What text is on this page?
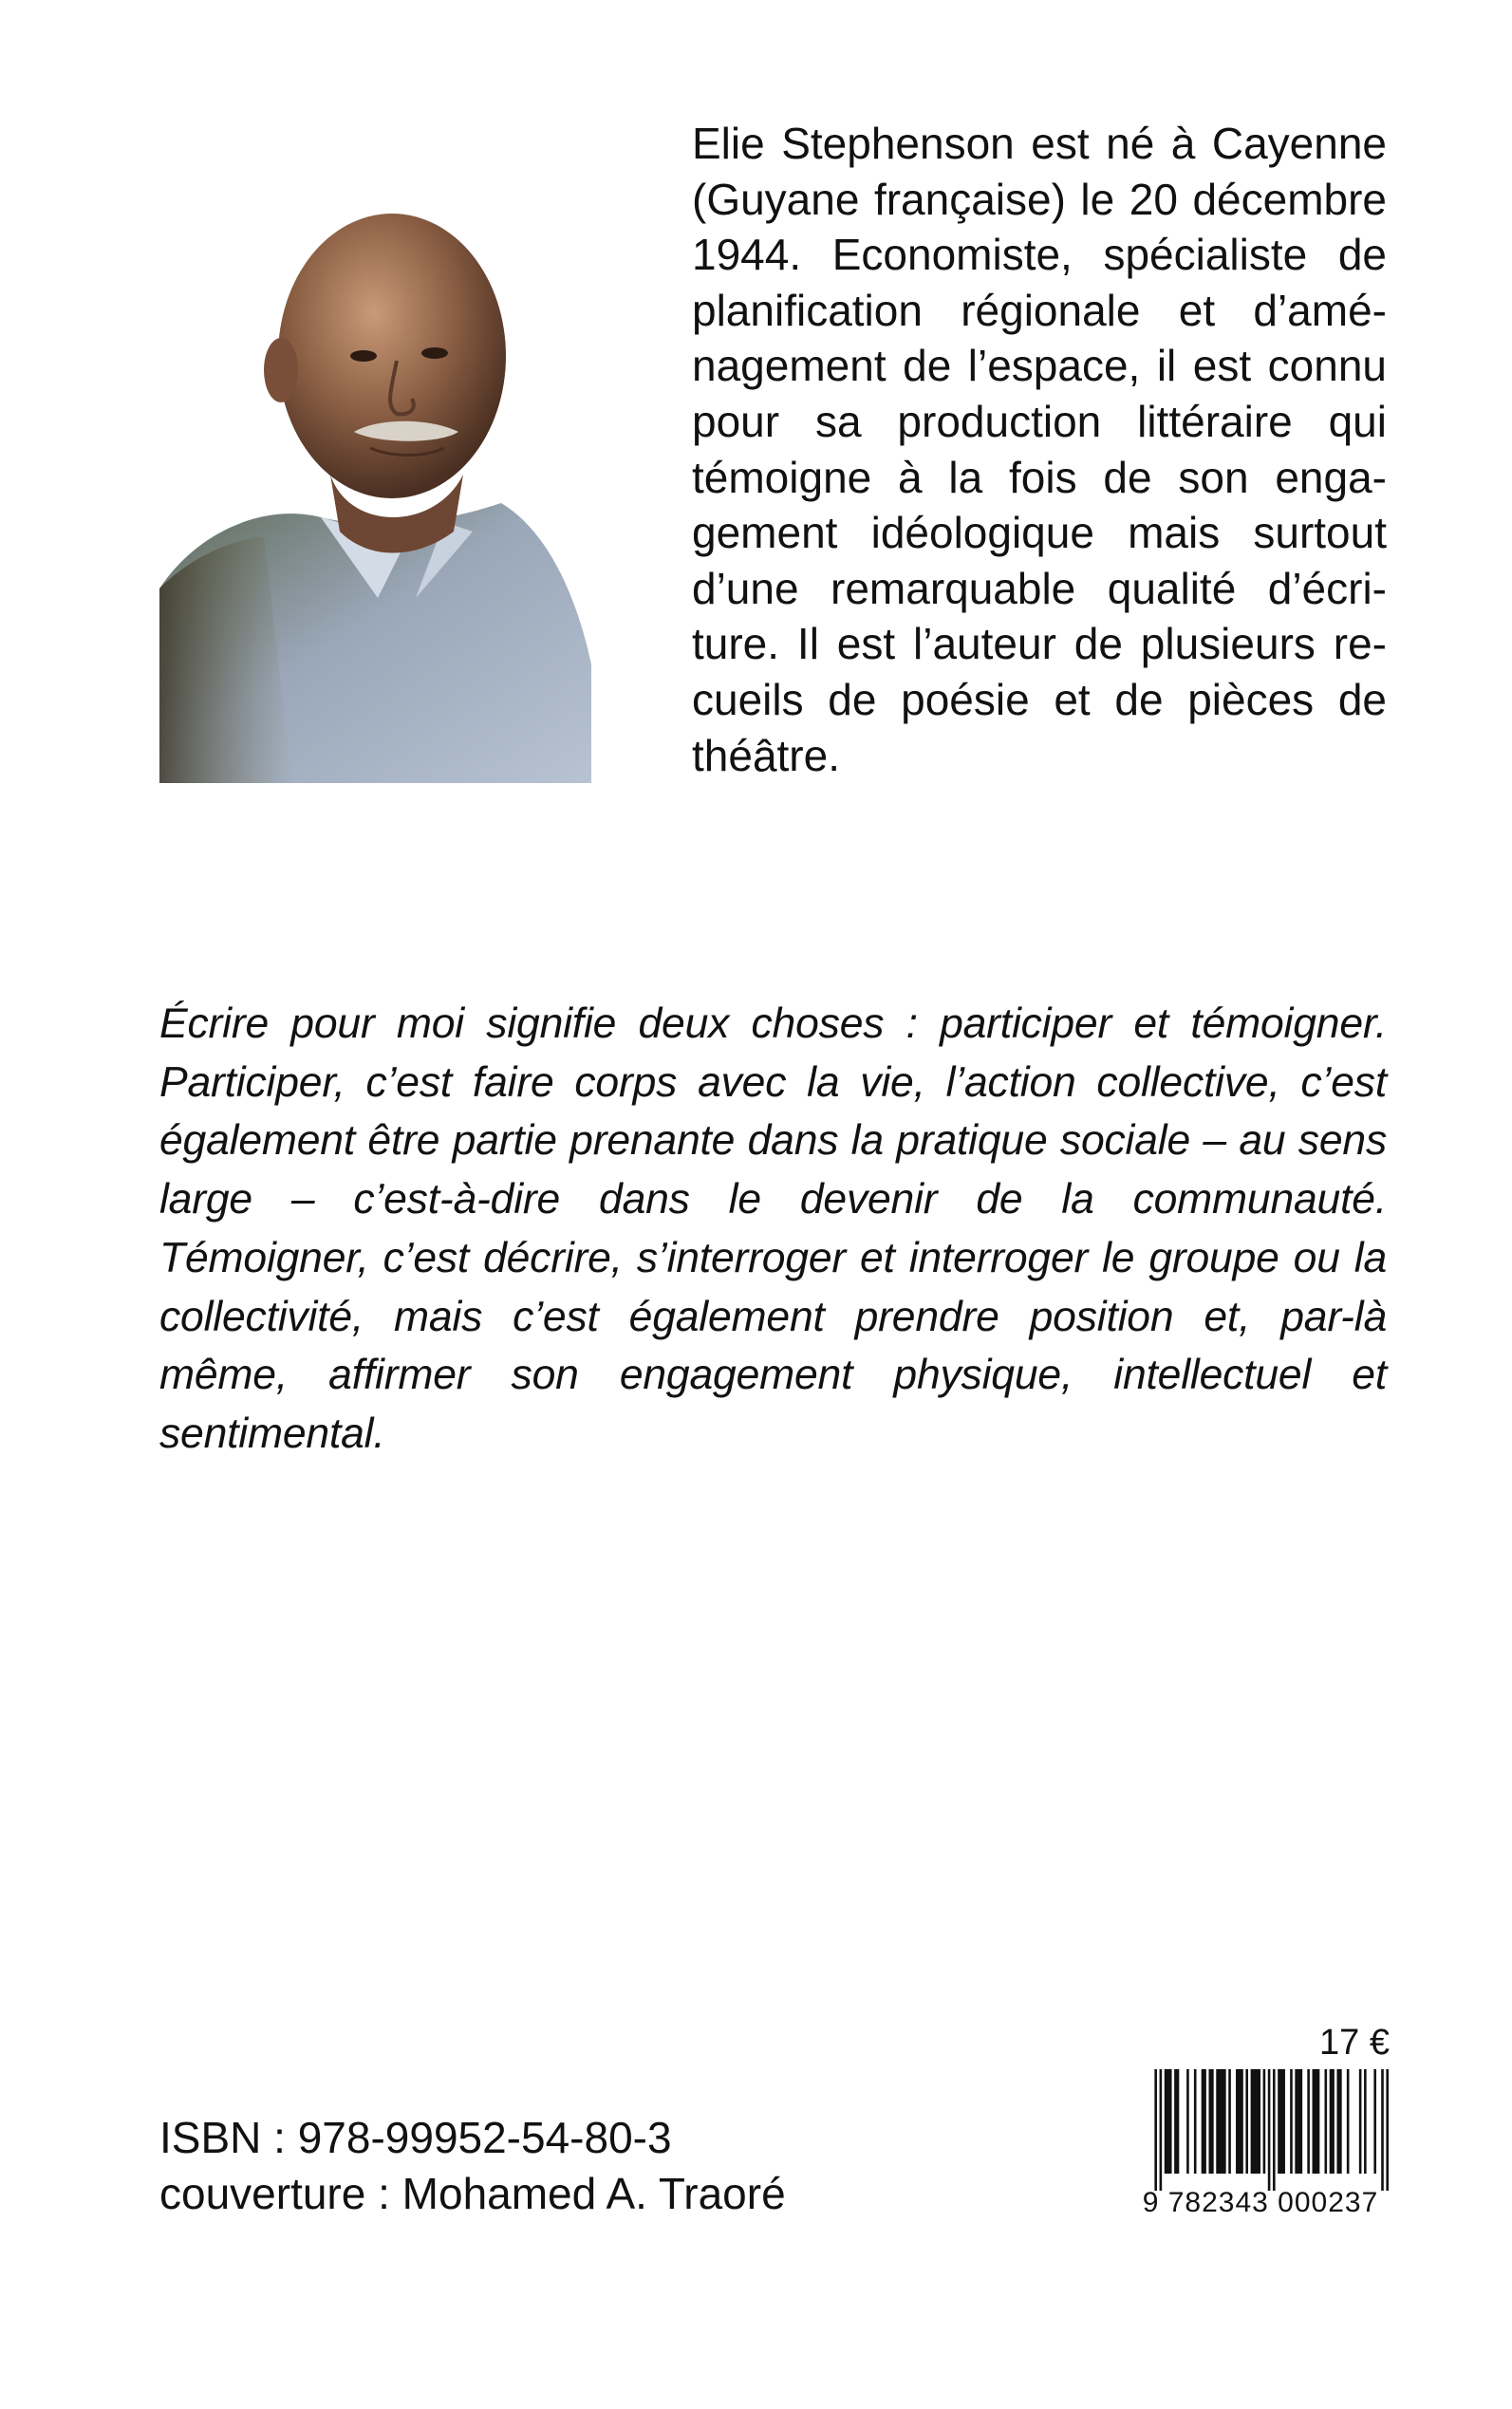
Elie Stephenson est né à Cayenne (Guyane française) le 20 décembre 1944. Economiste, spécialiste de planification régionale et d’aménagement de l’espace, il est connu pour sa production littéraire qui témoigne à la fois de son engagement idéologique mais surtout d’une remarquable qualité d’écriture. Il est l’auteur de plusieurs recueils de poésie et de pièces de théâtre.

Écrire pour moi signifie deux choses : participer et témoigner. Participer, c’est faire corps avec la vie, l’action collective, c’est également être partie prenante dans la pratique sociale – au sens large – c’est-à-dire dans le devenir de la communauté. Témoigner, c’est décrire, s’interroger et interroger le groupe ou la collectivité, mais c’est également prendre position et, par-là même, affirmer son engagement physique, intellectuel et sentimental.

ISBN : 978-99952-54-80-3

couverture : Mohamed A. Traoré

17 €
9 782343 000237
